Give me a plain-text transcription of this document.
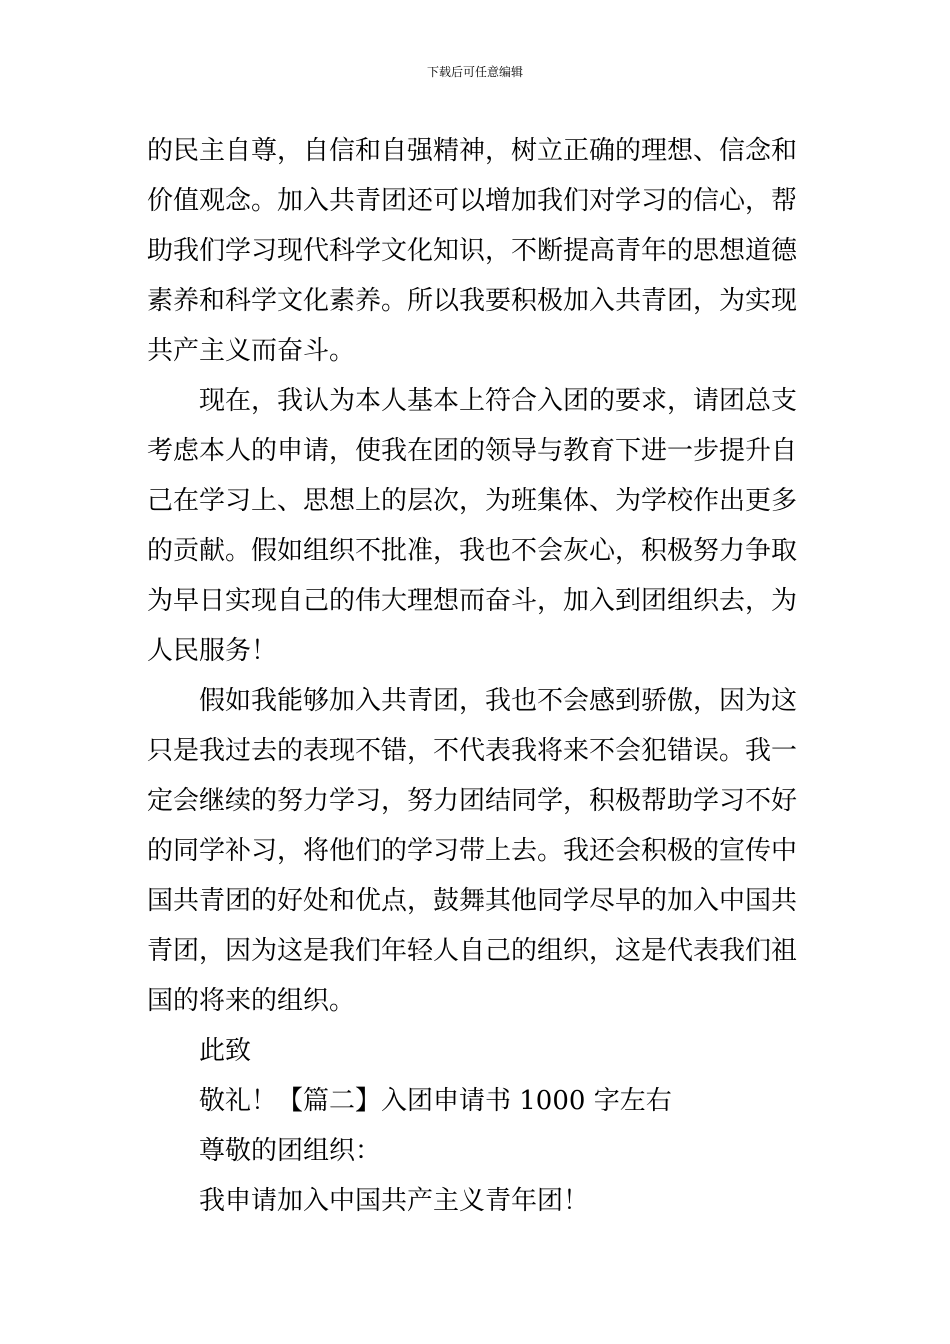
下载后可任意编辑
的民主自尊，自信和自强精神，树立正确的理想、信念和
价值观念。加入共青团还可以增加我们对学习的信心，帮
助我们学习现代科学文化知识，不断提高青年的思想道德
素养和科学文化素养。所以我要积极加入共青团，为实现
共产主义而奋斗。
现在，我认为本人基本上符合入团的要求，请团总支
考虑本人的申请，使我在团的领导与教育下进一步提升自
己在学习上、思想上的层次，为班集体、为学校作出更多
的贡献。假如组织不批准，我也不会灰心，积极努力争取
为早日实现自己的伟大理想而奋斗，加入到团组织去，为
人民服务！
假如我能够加入共青团，我也不会感到骄傲，因为这
只是我过去的表现不错，不代表我将来不会犯错误。我一
定会继续的努力学习，努力团结同学，积极帮助学习不好
的同学补习，将他们的学习带上去。我还会积极的宣传中
国共青团的好处和优点，鼓舞其他同学尽早的加入中国共
青团，因为这是我们年轻人自己的组织，这是代表我们祖
国的将来的组织。
此致
敬礼！【篇二】入团申请书 1000 字左右
尊敬的团组织：
我申请加入中国共产主义青年团！
